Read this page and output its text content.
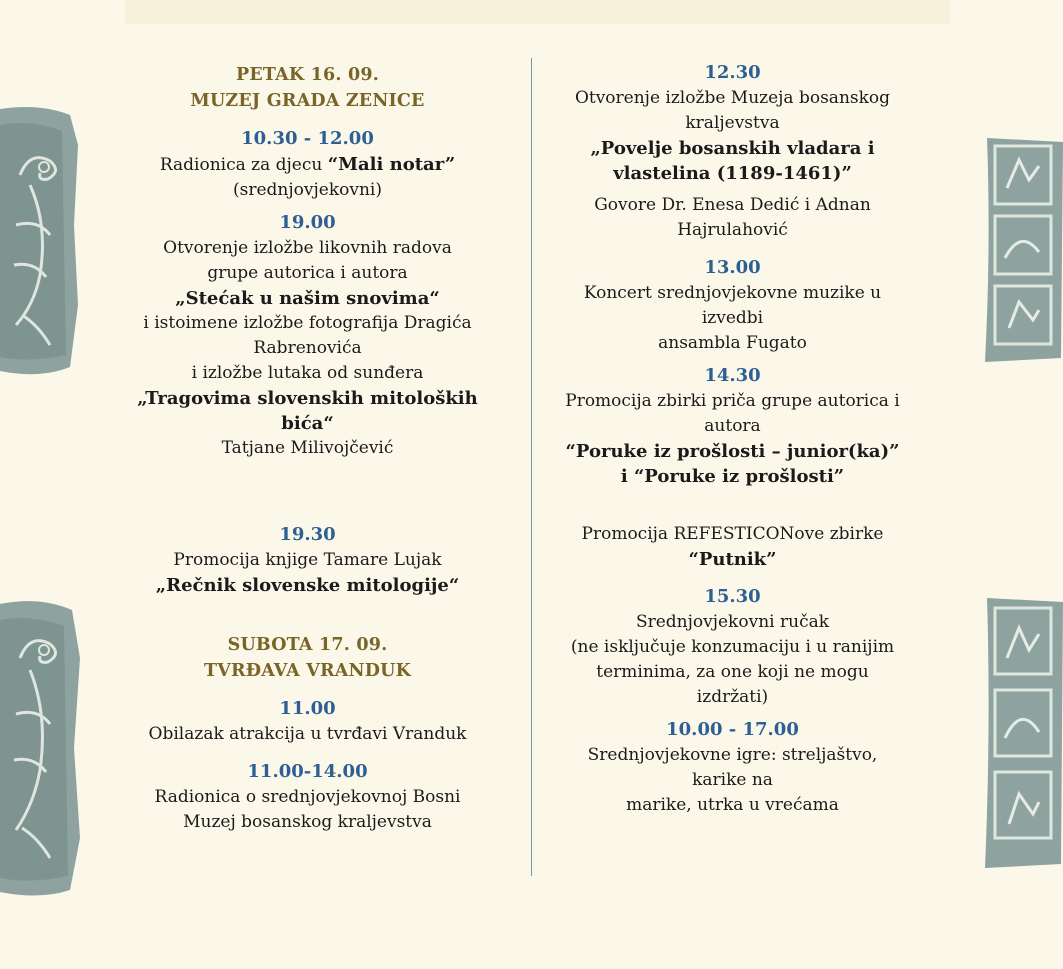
PETAK 16. 09.
MUZEJ GRADA ZENICE
10.30 - 12.00
Radionica za djecu “Mali notar”
(srednjovjekovni)
19.00
Otvorenje izložbe likovnih radova
grupe autorica i autora
„Stećak u našim snovima“
i istoimene izložbe fotografija Dragića
Rabrenovića
i izložbe lutaka od sunđera
„Tragovima slovenskih mitoloških
bića“
Tatjane Milivojčević
19.30
Promocija knjige Tamare Lujak
„Rečnik slovenske mitologije“
SUBOTA 17. 09.
TVRĐAVA VRANDUK
11.00
Obilazak atrakcija u tvrđavi Vranduk
11.00-14.00
Radionica o srednjovjekovnoj Bosni
Muzej bosanskog kraljevstva
12.30
Otvorenje izložbe Muzeja bosanskog
kraljevstva
„Povelje bosanskih vladara i
vlastelina (1189-1461)”
Govore Dr. Enesa Dedić i Adnan Hajrulahović
13.00
Koncert srednjovjekovne muzike u izvedbi
ansambla Fugato
14.30
Promocija zbirki priča grupe autorica i
autora
“Poruke iz prošlosti – junior(ka)”
i “Poruke iz prošlosti”
Promocija REFESTICONove zbirke
“Putnik”
15.30
Srednjovjekovni ručak
(ne isključuje konzumaciju i u ranijim
terminima, za one koji ne mogu izdržati)
10.00 - 17.00
Srednjovjekovne igre: streljaštvo, karike na
marike, utrka u vrećama
